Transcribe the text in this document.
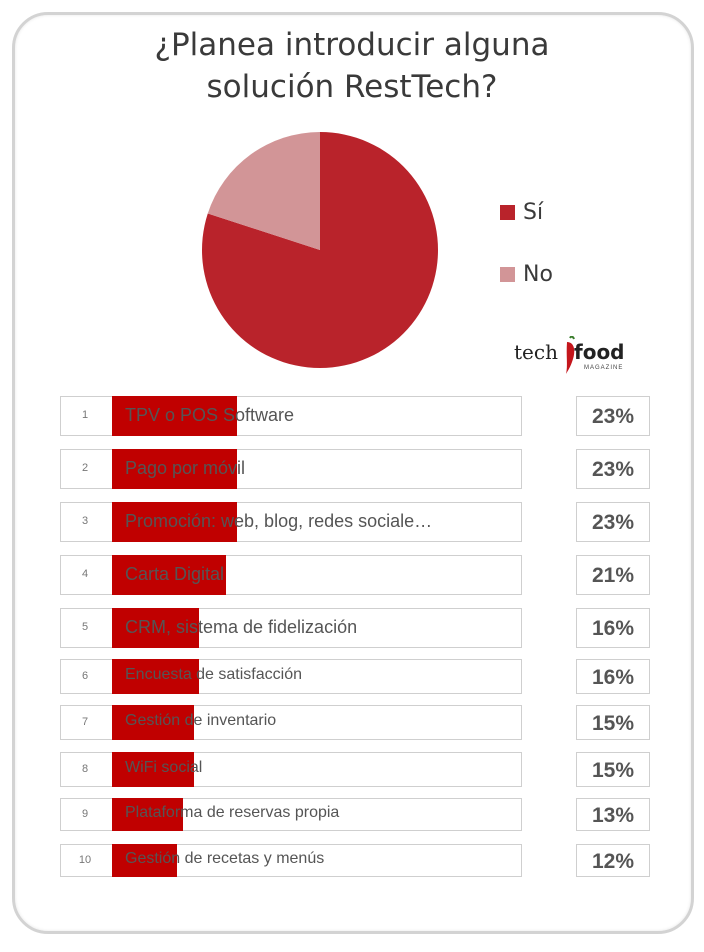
¿Planea introducir alguna
solución RestTech?
Sí
No
tech food
MAGAZINE
1	TPV o POS Software	23%
2	Pago por móvil	23%
3	Promoción: web, blog, redes sociale…	23%
4	Carta Digital	21%
5	CRM, sistema de fidelización	16%
6	Encuesta de satisfacción	16%
7	Gestión de inventario	15%
8	WiFi social	15%
9	Plataforma de reservas propia	13%
10	Gestión de recetas y menús	12%
